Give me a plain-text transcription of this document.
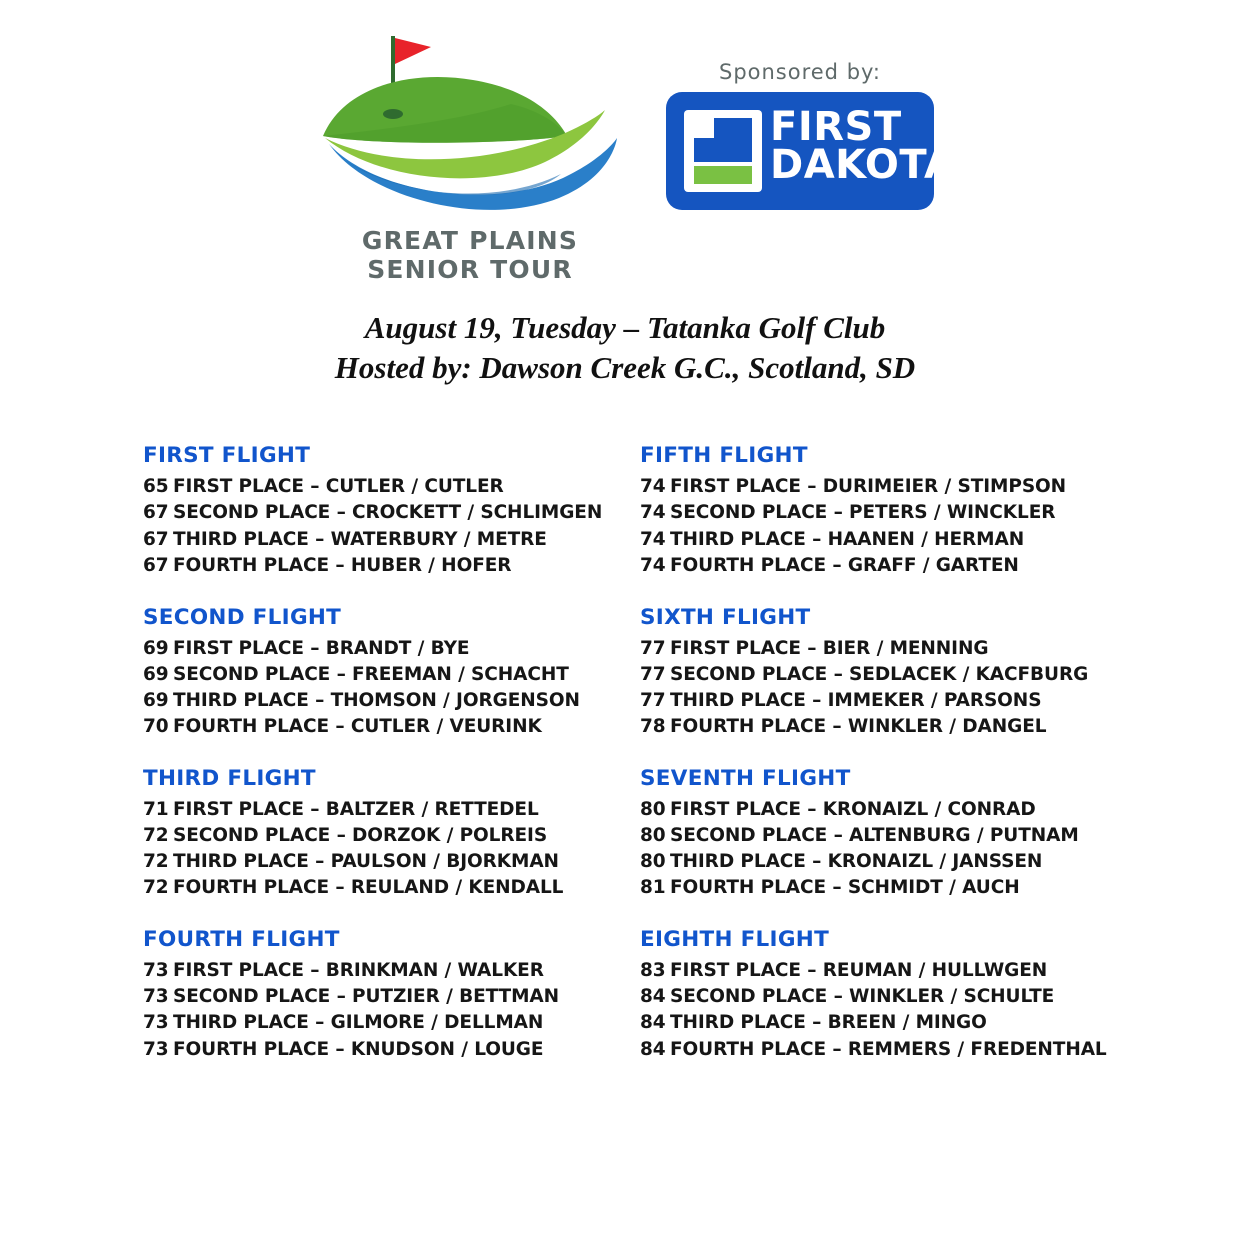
GREAT PLAINS SENIOR TOUR
Sponsored by:
FIRST
DAKOTA
August 19, Tuesday – Tatanka Golf Club
Hosted by: Dawson Creek G.C., Scotland, SD
FIRST FLIGHT
65 FIRST PLACE – CUTLER / CUTLER
67 SECOND PLACE – CROCKETT / SCHLIMGEN
67 THIRD PLACE – WATERBURY / METRE
67 FOURTH PLACE – HUBER / HOFER
SECOND FLIGHT
69 FIRST PLACE – BRANDT / BYE
69 SECOND PLACE – FREEMAN / SCHACHT
69 THIRD PLACE – THOMSON / JORGENSON
70 FOURTH PLACE – CUTLER / VEURINK
THIRD FLIGHT
71 FIRST PLACE – BALTZER / RETTEDEL
72 SECOND PLACE – DORZOK / POLREIS
72 THIRD PLACE – PAULSON / BJORKMAN
72 FOURTH PLACE – REULAND / KENDALL
FOURTH FLIGHT
73 FIRST PLACE – BRINKMAN / WALKER
73 SECOND PLACE – PUTZIER / BETTMAN
73 THIRD PLACE – GILMORE / DELLMAN
73 FOURTH PLACE – KNUDSON / LOUGE
FIFTH FLIGHT
74 FIRST PLACE – DURIMEIER / STIMPSON
74 SECOND PLACE – PETERS / WINCKLER
74 THIRD PLACE – HAANEN / HERMAN
74 FOURTH PLACE – GRAFF / GARTEN
SIXTH FLIGHT
77 FIRST PLACE – BIER / MENNING
77 SECOND PLACE – SEDLACEK / KACFBURG
77 THIRD PLACE – IMMEKER / PARSONS
78 FOURTH PLACE – WINKLER / DANGEL
SEVENTH FLIGHT
80 FIRST PLACE – KRONAIZL / CONRAD
80 SECOND PLACE – ALTENBURG / PUTNAM
80 THIRD PLACE – KRONAIZL / JANSSEN
81 FOURTH PLACE – SCHMIDT / AUCH
EIGHTH FLIGHT
83 FIRST PLACE – REUMAN / HULLWGEN
84 SECOND PLACE – WINKLER / SCHULTE
84 THIRD PLACE – BREEN / MINGO
84 FOURTH PLACE – REMMERS / FREDENTHAL
